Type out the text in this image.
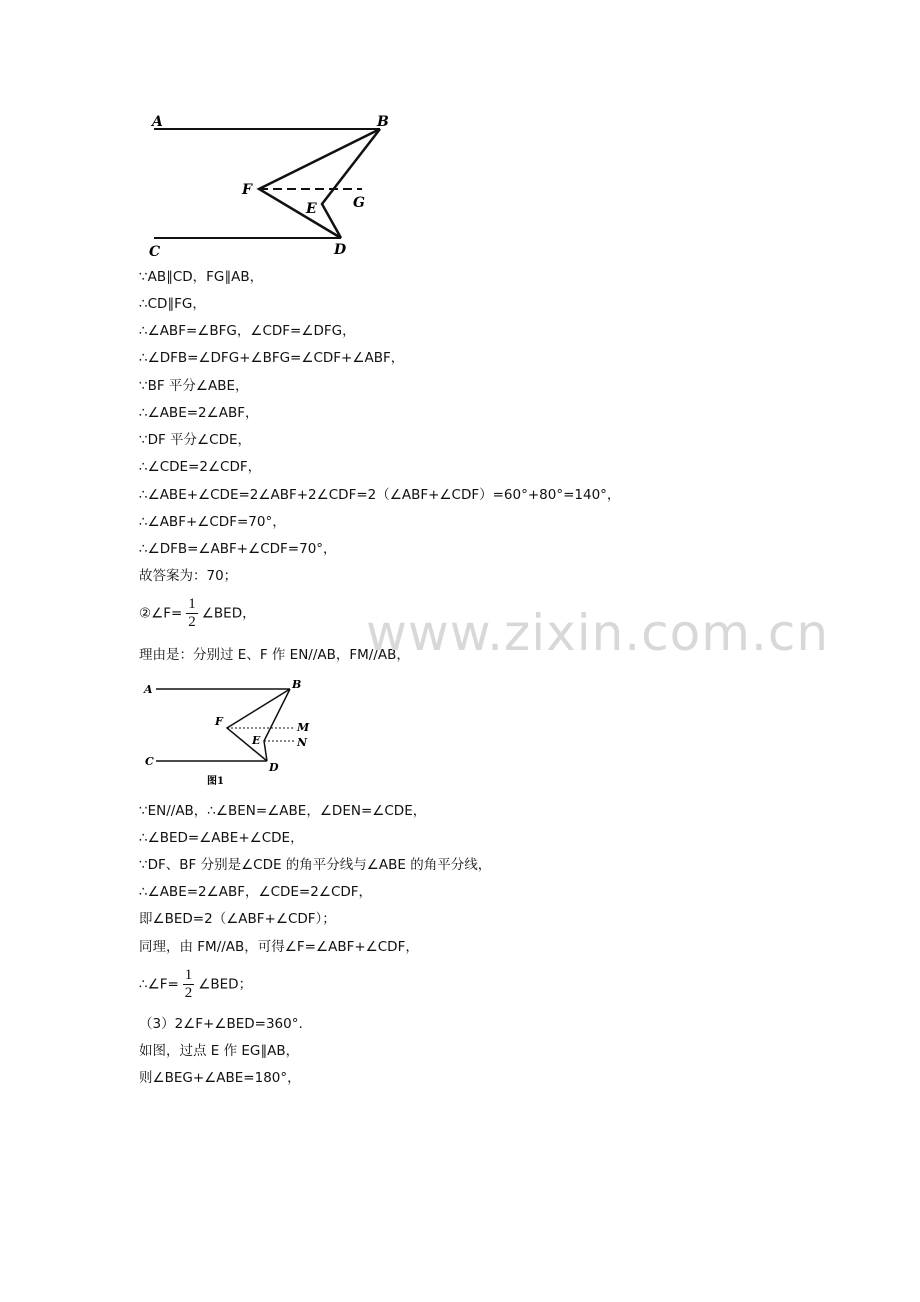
A	B
C	D
E
F
G
∵AB∥CD，FG∥AB，
∴CD∥FG，
∴∠ABF=∠BFG，∠CDF=∠DFG，
∴∠DFB=∠DFG+∠BFG=∠CDF+∠ABF，
∵BF 平分∠ABE，
∴∠ABE=2∠ABF，
∵DF 平分∠CDE，
∴∠CDE=2∠CDF，
∴∠ABE+∠CDE=2∠ABF+2∠CDF=2（∠ABF+∠CDF）=60°+80°=140°，
∴∠ABF+∠CDF=70°，
∴∠DFB=∠ABF+∠CDF=70°，
故答案为：70；
②∠F= $\frac{1}{2}$ ∠BED，
理由是：分别过 E、F 作 EN//AB，FM//AB，
A	B
C	D
E
F	M
N
图1
∵EN//AB，∴∠BEN=∠ABE，∠DEN=∠CDE，
∴∠BED=∠ABE+∠CDE，
∵DF、BF 分别是∠CDE 的角平分线与∠ABE 的角平分线，
∴∠ABE=2∠ABF，∠CDE=2∠CDF，
即∠BED=2（∠ABF+∠CDF）；
同理，由 FM//AB，可得∠F=∠ABF+∠CDF，
∴∠F= $\frac{1}{2}$ ∠BED；
（3）2∠F+∠BED=360°.
如图，过点 E 作 EG∥AB，
则∠BEG+∠ABE=180°，
www.zixin.com.cn
